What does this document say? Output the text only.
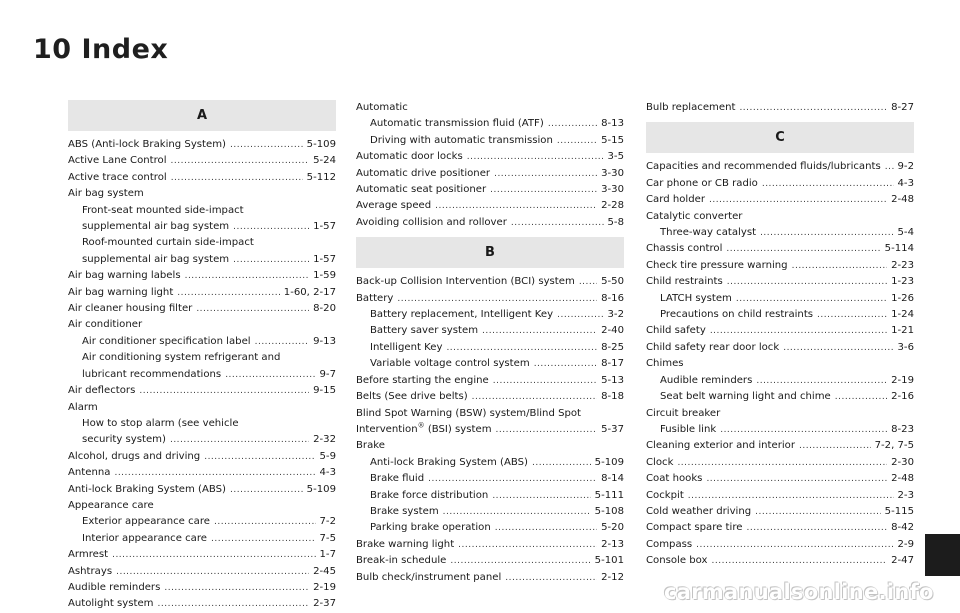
10 Index
A
ABS (Anti-lock Braking System) .....	5-109
Active Lane Control .....	5-24
Active trace control .....	5-112
Air bag system
Front-seat mounted side-impact
supplemental air bag system .....	1-57
Roof-mounted curtain side-impact
supplemental air bag system .....	1-57
Air bag warning labels .....	1-59
Air bag warning light .....	1-60, 2-17
Air cleaner housing filter .....	8-20
Air conditioner
Air conditioner specification label .....	9-13
Air conditioning system refrigerant and
lubricant recommendations .....	9-7
Air deflectors .....	9-15
Alarm
How to stop alarm (see vehicle
security system) .....	2-32
Alcohol, drugs and driving .....	5-9
Antenna .....	4-3
Anti-lock Braking System (ABS) .....	5-109
Appearance care
Exterior appearance care .....	7-2
Interior appearance care .....	7-5
Armrest .....	1-7
Ashtrays .....	2-45
Audible reminders .....	2-19
Autolight system .....	2-37
Automatic
Automatic transmission fluid (ATF) .....	8-13
Driving with automatic transmission .....	5-15
Automatic door locks .....	3-5
Automatic drive positioner .....	3-30
Automatic seat positioner .....	3-30
Average speed .....	2-28
Avoiding collision and rollover .....	5-8
B
Back-up Collision Intervention (BCI) system .....	5-50
Battery .....	8-16
Battery replacement, Intelligent Key .....	3-2
Battery saver system .....	2-40
Intelligent Key .....	8-25
Variable voltage control system .....	8-17
Before starting the engine .....	5-13
Belts (See drive belts) .....	8-18
Blind Spot Warning (BSW) system/Blind Spot
Intervention® (BSI) system .....	5-37
Brake
Anti-lock Braking System (ABS) .....	5-109
Brake fluid .....	8-14
Brake force distribution .....	5-111
Brake system .....	5-108
Parking brake operation .....	5-20
Brake warning light .....	2-13
Break-in schedule .....	5-101
Bulb check/instrument panel .....	2-12
Bulb replacement .....	8-27
C
Capacities and recommended fluids/lubricants ..... 9-2
Car phone or CB radio .....	4-3
Card holder .....	2-48
Catalytic converter
Three-way catalyst .....	5-4
Chassis control .....	5-114
Check tire pressure warning .....	2-23
Child restraints .....	1-23
LATCH system .....	1-26
Precautions on child restraints .....	1-24
Child safety .....	1-21
Child safety rear door lock .....	3-6
Chimes
Audible reminders .....	2-19
Seat belt warning light and chime .....	2-16
Circuit breaker
Fusible link .....	8-23
Cleaning exterior and interior .....	7-2, 7-5
Clock .....	2-30
Coat hooks .....	2-48
Cockpit .....	2-3
Cold weather driving .....	5-115
Compact spare tire .....	8-42
Compass .....	2-9
Console box .....	2-47
carmanualsonline.info
